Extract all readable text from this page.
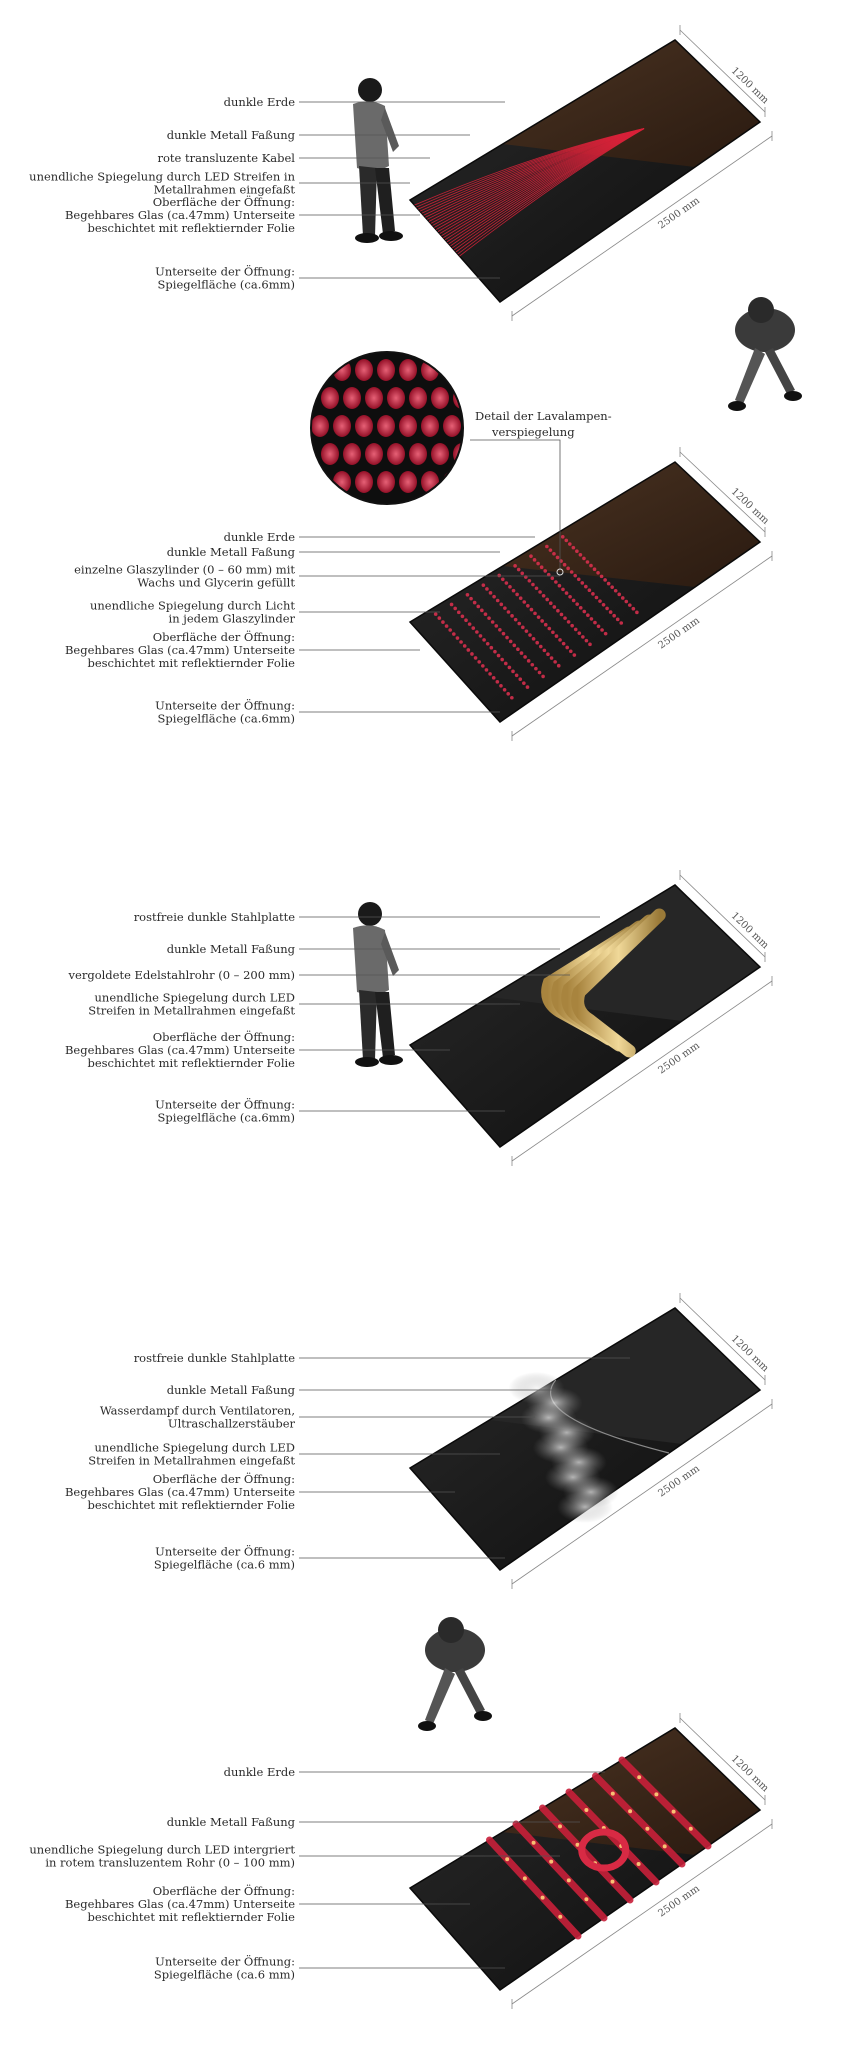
1200 mm
2500 mm
1200 mm
2500 mm
1200 mm
2500 mm
1200 mm
2500 mm
1200 mm
2500 mm
dunkle Erde
dunkle Metall Faßung
rote transluzente Kabel
unendliche Spiegelung durch LED Streifen in
Metallrahmen eingefaßt
Oberfläche der Öffnung:
Begehbares Glas (ca.47mm) Unterseite
beschichtet mit reflektiernder Folie
Unterseite der Öffnung:
Spiegelfläche (ca.6mm)
dunkle Erde
dunkle Metall Faßung
einzelne Glaszylinder (0 – 60 mm) mit
Wachs und Glycerin gefüllt
unendliche Spiegelung durch Licht
in jedem Glaszylinder
Oberfläche der Öffnung:
Begehbares Glas (ca.47mm) Unterseite
beschichtet mit reflektiernder Folie
Unterseite der Öffnung:
Spiegelfläche (ca.6mm)
Detail der Lavalampen-
verspiegelung
rostfreie dunkle Stahlplatte
dunkle Metall Faßung
vergoldete Edelstahlrohr (0 – 200 mm)
unendliche Spiegelung durch LED
Streifen in Metallrahmen eingefaßt
Oberfläche der Öffnung:
Begehbares Glas (ca.47mm) Unterseite
beschichtet mit reflektiernder Folie
Unterseite der Öffnung:
Spiegelfläche (ca.6mm)
rostfreie dunkle Stahlplatte
dunkle Metall Faßung
Wasserdampf durch Ventilatoren,
Ultraschallzerstäuber
unendliche Spiegelung durch LED
Streifen in Metallrahmen eingefaßt
Oberfläche der Öffnung:
Begehbares Glas (ca.47mm) Unterseite
beschichtet mit reflektiernder Folie
Unterseite der Öffnung:
Spiegelfläche (ca.6 mm)
dunkle Erde
dunkle Metall Faßung
unendliche Spiegelung durch LED intergriert
in rotem transluzentem Rohr (0 – 100 mm)
Oberfläche der Öffnung:
Begehbares Glas (ca.47mm) Unterseite
beschichtet mit reflektiernder Folie
Unterseite der Öffnung:
Spiegelfläche (ca.6 mm)
